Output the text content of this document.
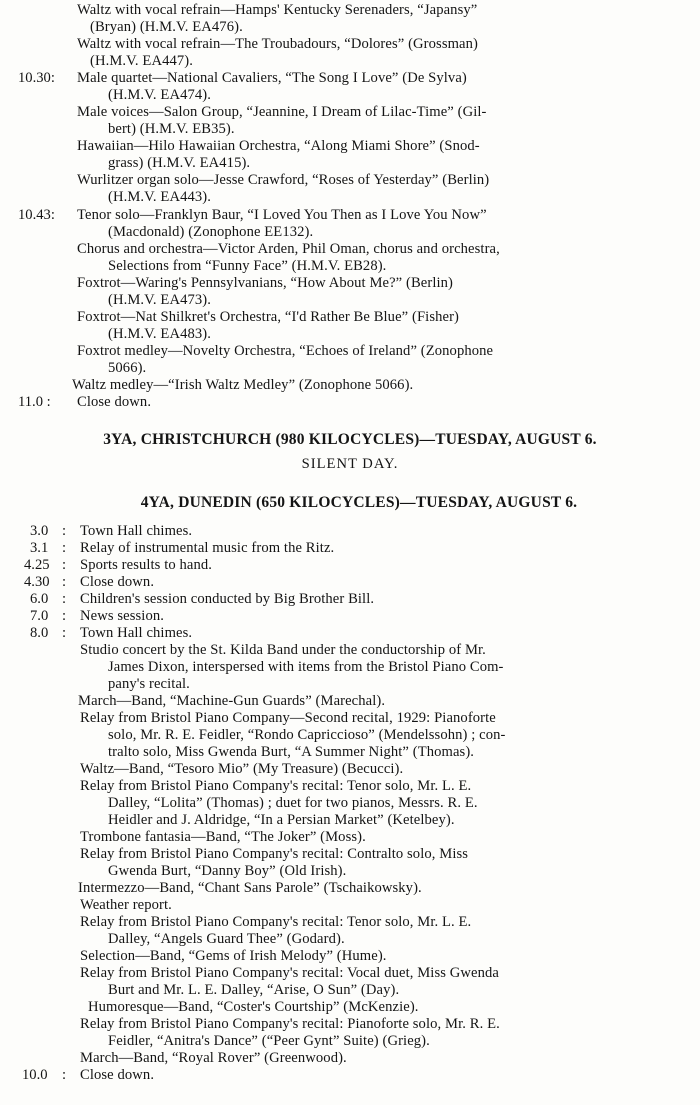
Waltz with vocal refrain—Hamps' Kentucky Serenaders, “Japansy”
(Bryan) (H.M.V. EA476).
Waltz with vocal refrain—The Troubadours, “Dolores” (Grossman)
(H.M.V. EA447).
10.30: Male quartet—National Cavaliers, “The Song I Love” (De Sylva)
(H.M.V. EA474).
Male voices—Salon Group, “Jeannine, I Dream of Lilac-Time” (Gil-
bert) (H.M.V. EB35).
Hawaiian—Hilo Hawaiian Orchestra, “Along Miami Shore” (Snod-
grass) (H.M.V. EA415).
Wurlitzer organ solo—Jesse Crawford, “Roses of Yesterday” (Berlin)
(H.M.V. EA443).
10.43: Tenor solo—Franklyn Baur, “I Loved You Then as I Love You Now”
(Macdonald) (Zonophone EE132).
Chorus and orchestra—Victor Arden, Phil Oman, chorus and orchestra,
Selections from “Funny Face” (H.M.V. EB28).
Foxtrot—Waring's Pennsylvanians, “How About Me?” (Berlin)
(H.M.V. EA473).
Foxtrot—Nat Shilkret's Orchestra, “I'd Rather Be Blue” (Fisher)
(H.M.V. EA483).
Foxtrot medley—Novelty Orchestra, “Echoes of Ireland” (Zonophone
5066).
Waltz medley—“Irish Waltz Medley” (Zonophone 5066).
11.0 : Close down.
3YA, CHRISTCHURCH (980 KILOCYCLES)—TUESDAY, AUGUST 6.
SILENT DAY.
4YA, DUNEDIN (650 KILOCYCLES)—TUESDAY, AUGUST 6.
3.0 Town Hall chimes.
3.1 Relay of instrumental music from the Ritz.
4.25 Sports results to hand.
4.30 Close down.
6.0 Children's session conducted by Big Brother Bill.
7.0 News session.
8.0 Town Hall chimes.
:
:
:
:
:
:
:
:
Studio concert by the St. Kilda Band under the conductorship of Mr.
James Dixon, interspersed with items from the Bristol Piano Com-
pany's recital.
March—Band, “Machine-Gun Guards” (Marechal).
Relay from Bristol Piano Company—Second recital, 1929: Pianoforte
solo, Mr. R. E. Feidler, “Rondo Capriccioso” (Mendelssohn) ; con-
tralto solo, Miss Gwenda Burt, “A Summer Night” (Thomas).
Waltz—Band, “Tesoro Mio” (My Treasure) (Becucci).
Relay from Bristol Piano Company's recital: Tenor solo, Mr. L. E.
Dalley, “Lolita” (Thomas) ; duet for two pianos, Messrs. R. E.
Heidler and J. Aldridge, “In a Persian Market” (Ketelbey).
Trombone fantasia—Band, “The Joker” (Moss).
Relay from Bristol Piano Company's recital: Contralto solo, Miss
Gwenda Burt, “Danny Boy” (Old Irish).
Intermezzo—Band, “Chant Sans Parole” (Tschaikowsky).
Weather report.
Relay from Bristol Piano Company's recital: Tenor solo, Mr. L. E.
Dalley, “Angels Guard Thee” (Godard).
Selection—Band, “Gems of Irish Melody” (Hume).
Relay from Bristol Piano Company's recital: Vocal duet, Miss Gwenda
Burt and Mr. L. E. Dalley, “Arise, O Sun” (Day).
Humoresque—Band, “Coster's Courtship” (McKenzie).
Relay from Bristol Piano Company's recital: Pianoforte solo, Mr. R. E.
Feidler, “Anitra's Dance” (“Peer Gynt” Suite) (Grieg).
March—Band, “Royal Rover” (Greenwood).
10.0 Close down.
